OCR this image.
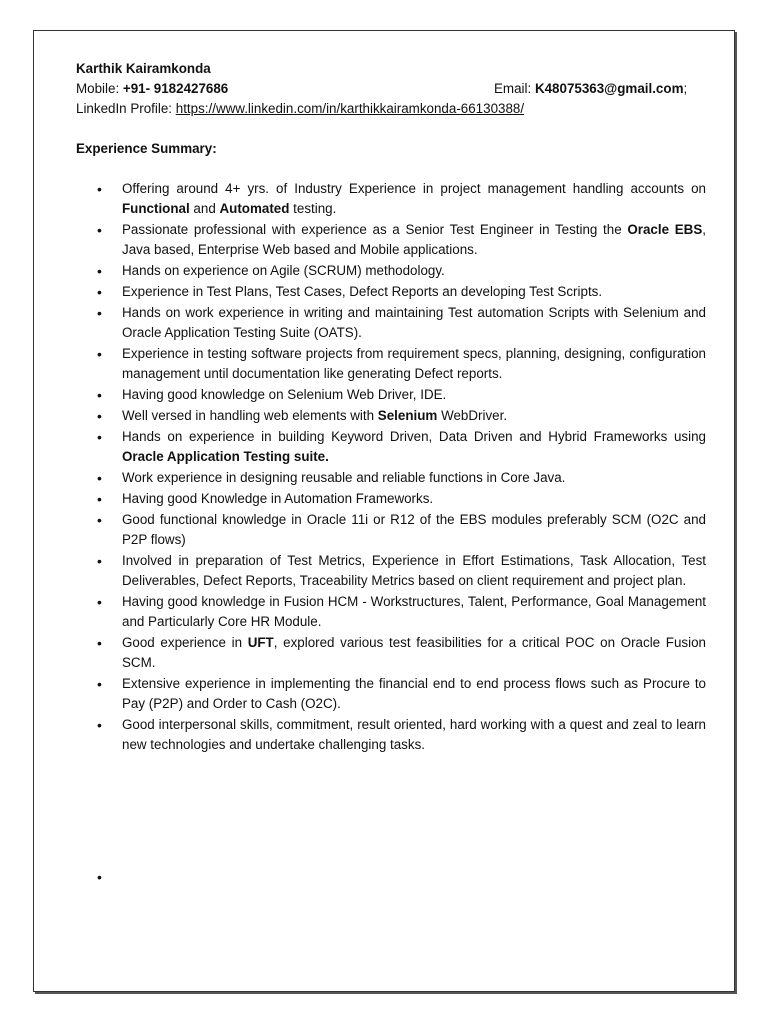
Karthik Kairamkonda
Mobile: +91- 9182427686	Email: K48075363@gmail.com;
LinkedIn Profile: https://www.linkedin.com/in/karthikkairamkonda-66130388/
Experience Summary:
• Offering around 4+ yrs. of Industry Experience in project management handling accounts on Functional and Automated testing.
• Passionate professional with experience as a Senior Test Engineer in Testing the Oracle EBS, Java based, Enterprise Web based and Mobile applications.
• Hands on experience on Agile (SCRUM) methodology.
• Experience in Test Plans, Test Cases, Defect Reports an developing Test Scripts.
• Hands on work experience in writing and maintaining Test automation Scripts with Selenium and Oracle Application Testing Suite (OATS).
• Experience in testing software projects from requirement specs, planning, designing, configuration management until documentation like generating Defect reports.
• Having good knowledge on Selenium Web Driver, IDE.
• Well versed in handling web elements with Selenium WebDriver.
• Hands on experience in building Keyword Driven, Data Driven and Hybrid Frameworks using Oracle Application Testing suite.
• Work experience in designing reusable and reliable functions in Core Java.
• Having good Knowledge in Automation Frameworks.
• Good functional knowledge in Oracle 11i or R12 of the EBS modules preferably SCM (O2C and P2P flows)
• Involved in preparation of Test Metrics, Experience in Effort Estimations, Task Allocation, Test Deliverables, Defect Reports, Traceability Metrics based on client requirement and project plan.
• Having good knowledge in Fusion HCM - Workstructures, Talent, Performance, Goal Management and Particularly Core HR Module.
• Good experience in UFT, explored various test feasibilities for a critical POC on Oracle Fusion SCM.
• Extensive experience in implementing the financial end to end process flows such as Procure to Pay (P2P) and Order to Cash (O2C).
• Good interpersonal skills, commitment, result oriented, hard working with a quest and zeal to learn new technologies and undertake challenging tasks.
•
